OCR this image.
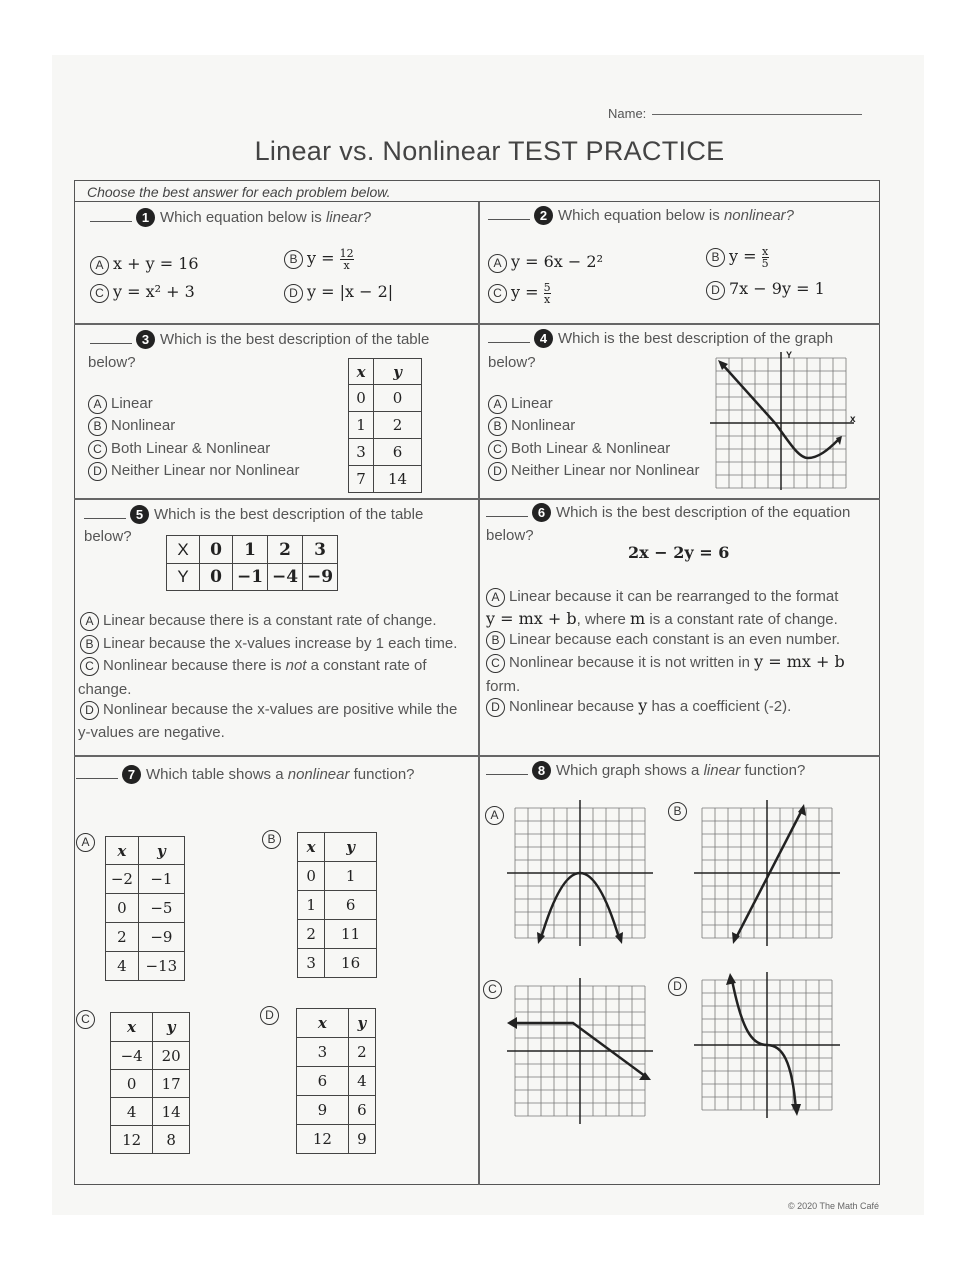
Name:
Linear vs. Nonlinear TEST PRACTICE
Choose the best answer for each problem below.
1 Which equation below is linear?
A x + y = 16	B $y = \frac{12}{x}$
C y = x² + 3	D y = |x − 2|
2 Which equation below is nonlinear?
A y = 6x − 2²	B $y = \frac{x}{5}$
C $y = \frac{5}{x}$	D 7x − 9y = 1
3 Which is the best description of the table
below?
A Linear
B Nonlinear
C Both Linear & Nonlinear
D Neither Linear nor Nonlinear
x	y
0	0
1	2
3	6
7	14
4 Which is the best description of the graph
below?
A Linear
B Nonlinear
C Both Linear & Nonlinear
D Neither Linear nor Nonlinear
Y
x
5 Which is the best description of the table
below?
X	0	1	2	3
Y	0	−1	−4	−9
A Linear because there is a constant rate of change.
B Linear because the x-values increase by 1 each time.
C Nonlinear because there is not a constant rate of
change.
D Nonlinear because the x-values are positive while the
y-values are negative.
6 Which is the best description of the equation
below?
2x − 2y = 6
A Linear because it can be rearranged to the format
y = mx + b, where m is a constant rate of change.
B Linear because each constant is an even number.
C Nonlinear because it is not written in y = mx + b
form.
D Nonlinear because y has a coefficient (-2).
7 Which table shows a nonlinear function?
A	x	y
−2	−1
0	−5
2	−9
4	−13
B	x	y
0	1
1	6
2	11
3	16
C	x	y
−4	20
0	17
4	14
12	8
D	x	y
3	2
6	4
9	6
12	9
8 Which graph shows a linear function?
A	B
C	D
© 2020 The Math Café
